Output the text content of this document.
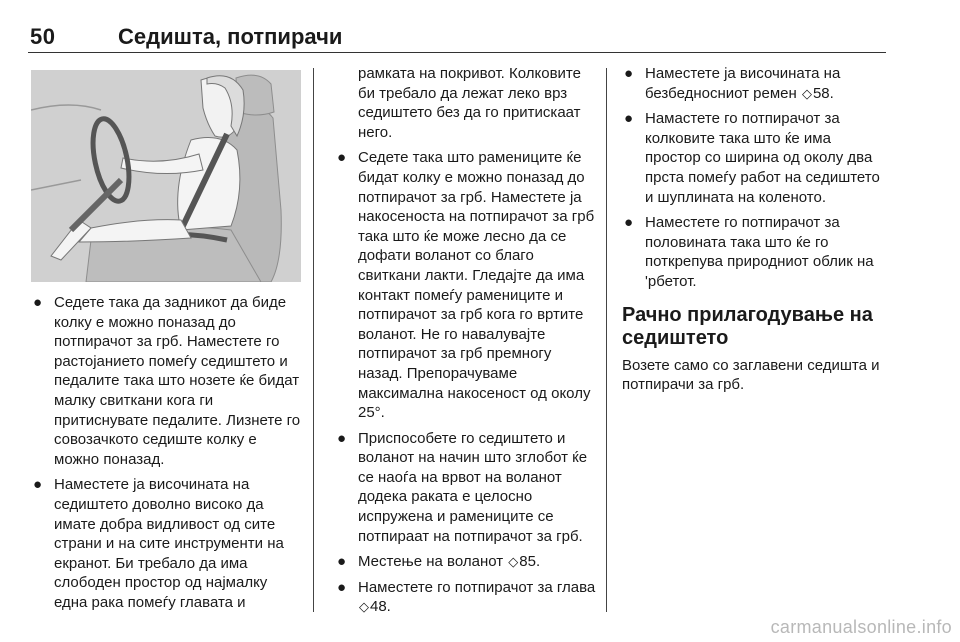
50	Седишта, потпирачи
● Седете така да задникот да биде колку е можно поназад до потпирачот за грб. Наместете го растојанието помеѓу седиштето и педалите така што нозете ќе бидат малку свиткани кога ги притиснувате педалите. Лизнете го совозачкото седиште колку е можно поназад.
● Наместете ја височината на седиштето доволно високо да имате добра видливост од сите страни и на сите инструменти на екранот. Би требало да има слободен простор од најмалку една рака помеѓу главата и

рамката на покривот. Колковите би требало да лежат леко врз седиштето без да го притискаат него.

● Седете така што рамениците ќе бидат колку е можно поназад до потпирачот за грб. Наместете ја накосеноста на потпирачот за грб така што ќе може лесно да се дофати воланот со благо свиткани лакти. Гледајте да има контакт помеѓу рамениците и потпирачот за грб кога го вртите воланот. Не го навалувајте потпирачот за грб премногу назад. Препорачуваме максимална накосеност од околу 25°.
● Приспособете го седиштето и воланот на начин што зглобот ќе се наоѓа на врвот на воланот додека раката е целосно испружена и рамениците се потпираат на потпирачот за грб.
● Местење на воланот ◇85.
● Наместете го потпирачот за глава ◇48.
● Наместете ја височината на безбедносниот ремен ◇58.
● Намастете го потпирачот за колковите така што ќе има простор со ширина од околу два прста помеѓу работ на седиштето и шуплината на коленото.
● Наместете го потпирачот за половината така што ќе го поткрепува природниот облик на 'рбетот.
Рачно прилагодување на седиштето

Возете само со заглавени седишта и потпирачи за грб.

carmanualsonline.info
